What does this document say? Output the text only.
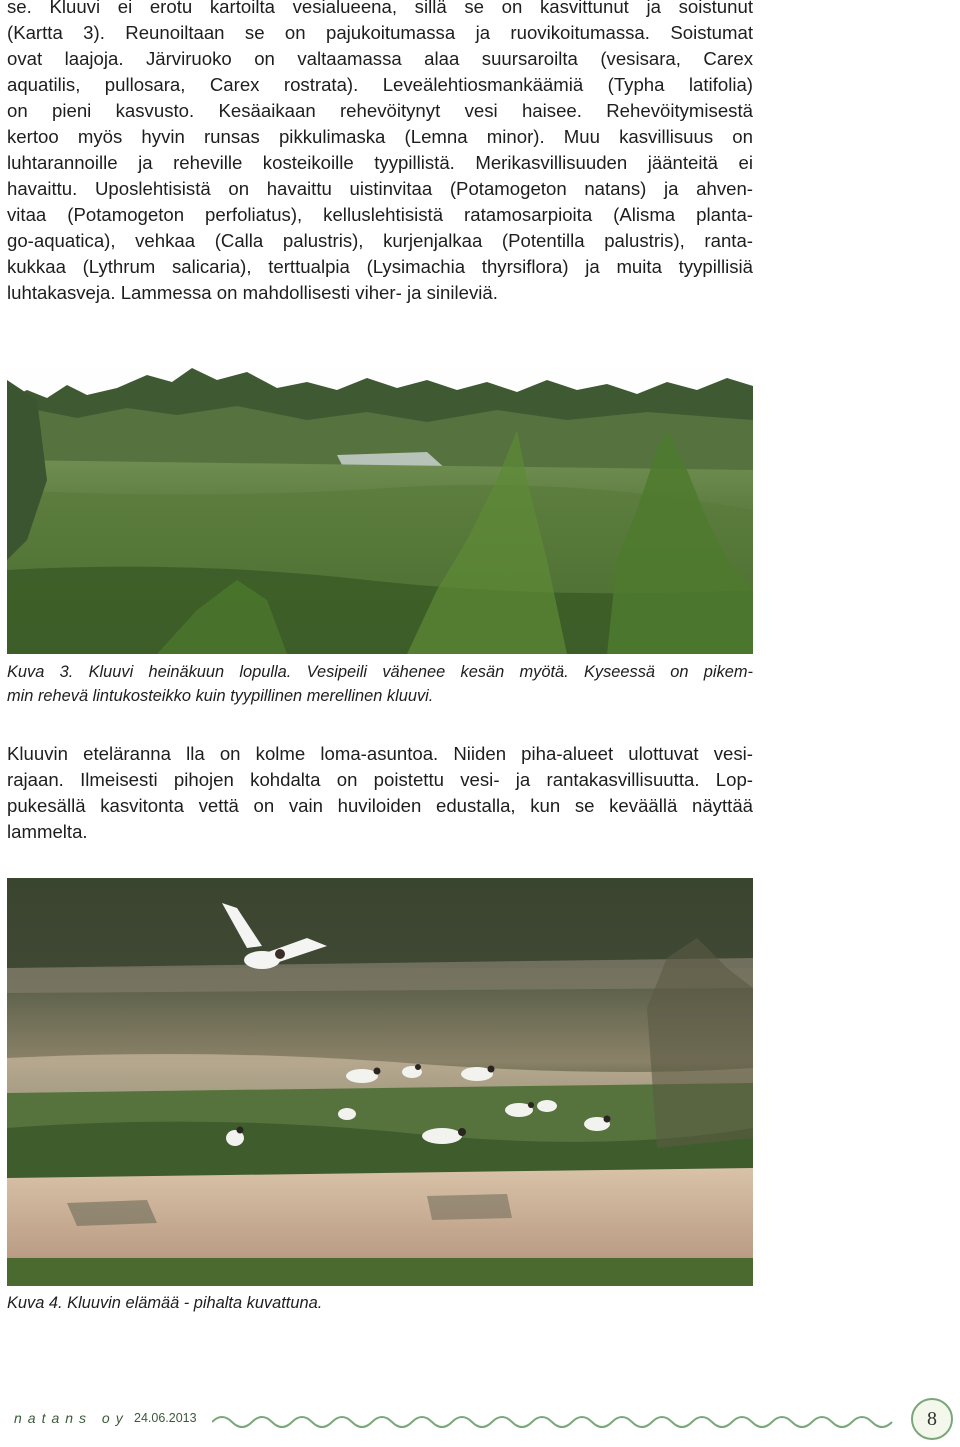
se. Kluuvi ei erotu kartoilta vesialueena, sillä se on kasvittunut ja soistunut
(Kartta 3). Reunoiltaan se on pajukoitumassa ja ruovikoitumassa. Soistumat
ovat laajoja. Järviruoko on valtaamassa alaa suursaroilta (vesisara, Carex
aquatilis, pullosara, Carex rostrata). Leveälehtiosmankäämiä (Typha latifolia)
on pieni kasvusto. Kesäaikaan rehevöitynyt vesi haisee. Rehevöitymisestä
kertoo myös hyvin runsas pikkulimaska (Lemna minor). Muu kasvillisuus on
luhtarannoille ja reheville kosteikoille tyypillistä. Merikasvillisuuden jäänteitä ei
havaittu. Uposlehtisistä on havaittu uistinvitaa (Potamogeton natans) ja ahven-
vitaa (Potamogeton perfoliatus), kelluslehtisistä ratamosarpioita (Alisma planta-
go-aquatica), vehkaa (Calla palustris), kurjenjalkaa (Potentilla palustris), ranta-
kukkaa (Lythrum salicaria), terttualpia (Lysimachia thyrsiflora) ja muita tyypillisiä
luhtakasveja. Lammessa on mahdollisesti viher- ja sinileviä.
Kuva 3. Kluuvi heinäkuun lopulla. Vesipeili vähenee kesän myötä. Kyseessä on pikem-
min rehevä lintukosteikko kuin tyypillinen merellinen kluuvi.
Kluuvin eteläranna lla on kolme loma-asuntoa. Niiden piha-alueet ulottuvat vesi-
rajaan. Ilmeisesti pihojen kohdalta on poistettu vesi- ja rantakasvillisuutta. Lop-
pukesällä kasvitonta vettä on vain huviloiden edustalla, kun se keväällä näyttää
lammelta.
Kuva 4. Kluuvin elämää - pihalta kuvattuna.
natans oy 24.06.2013	8
